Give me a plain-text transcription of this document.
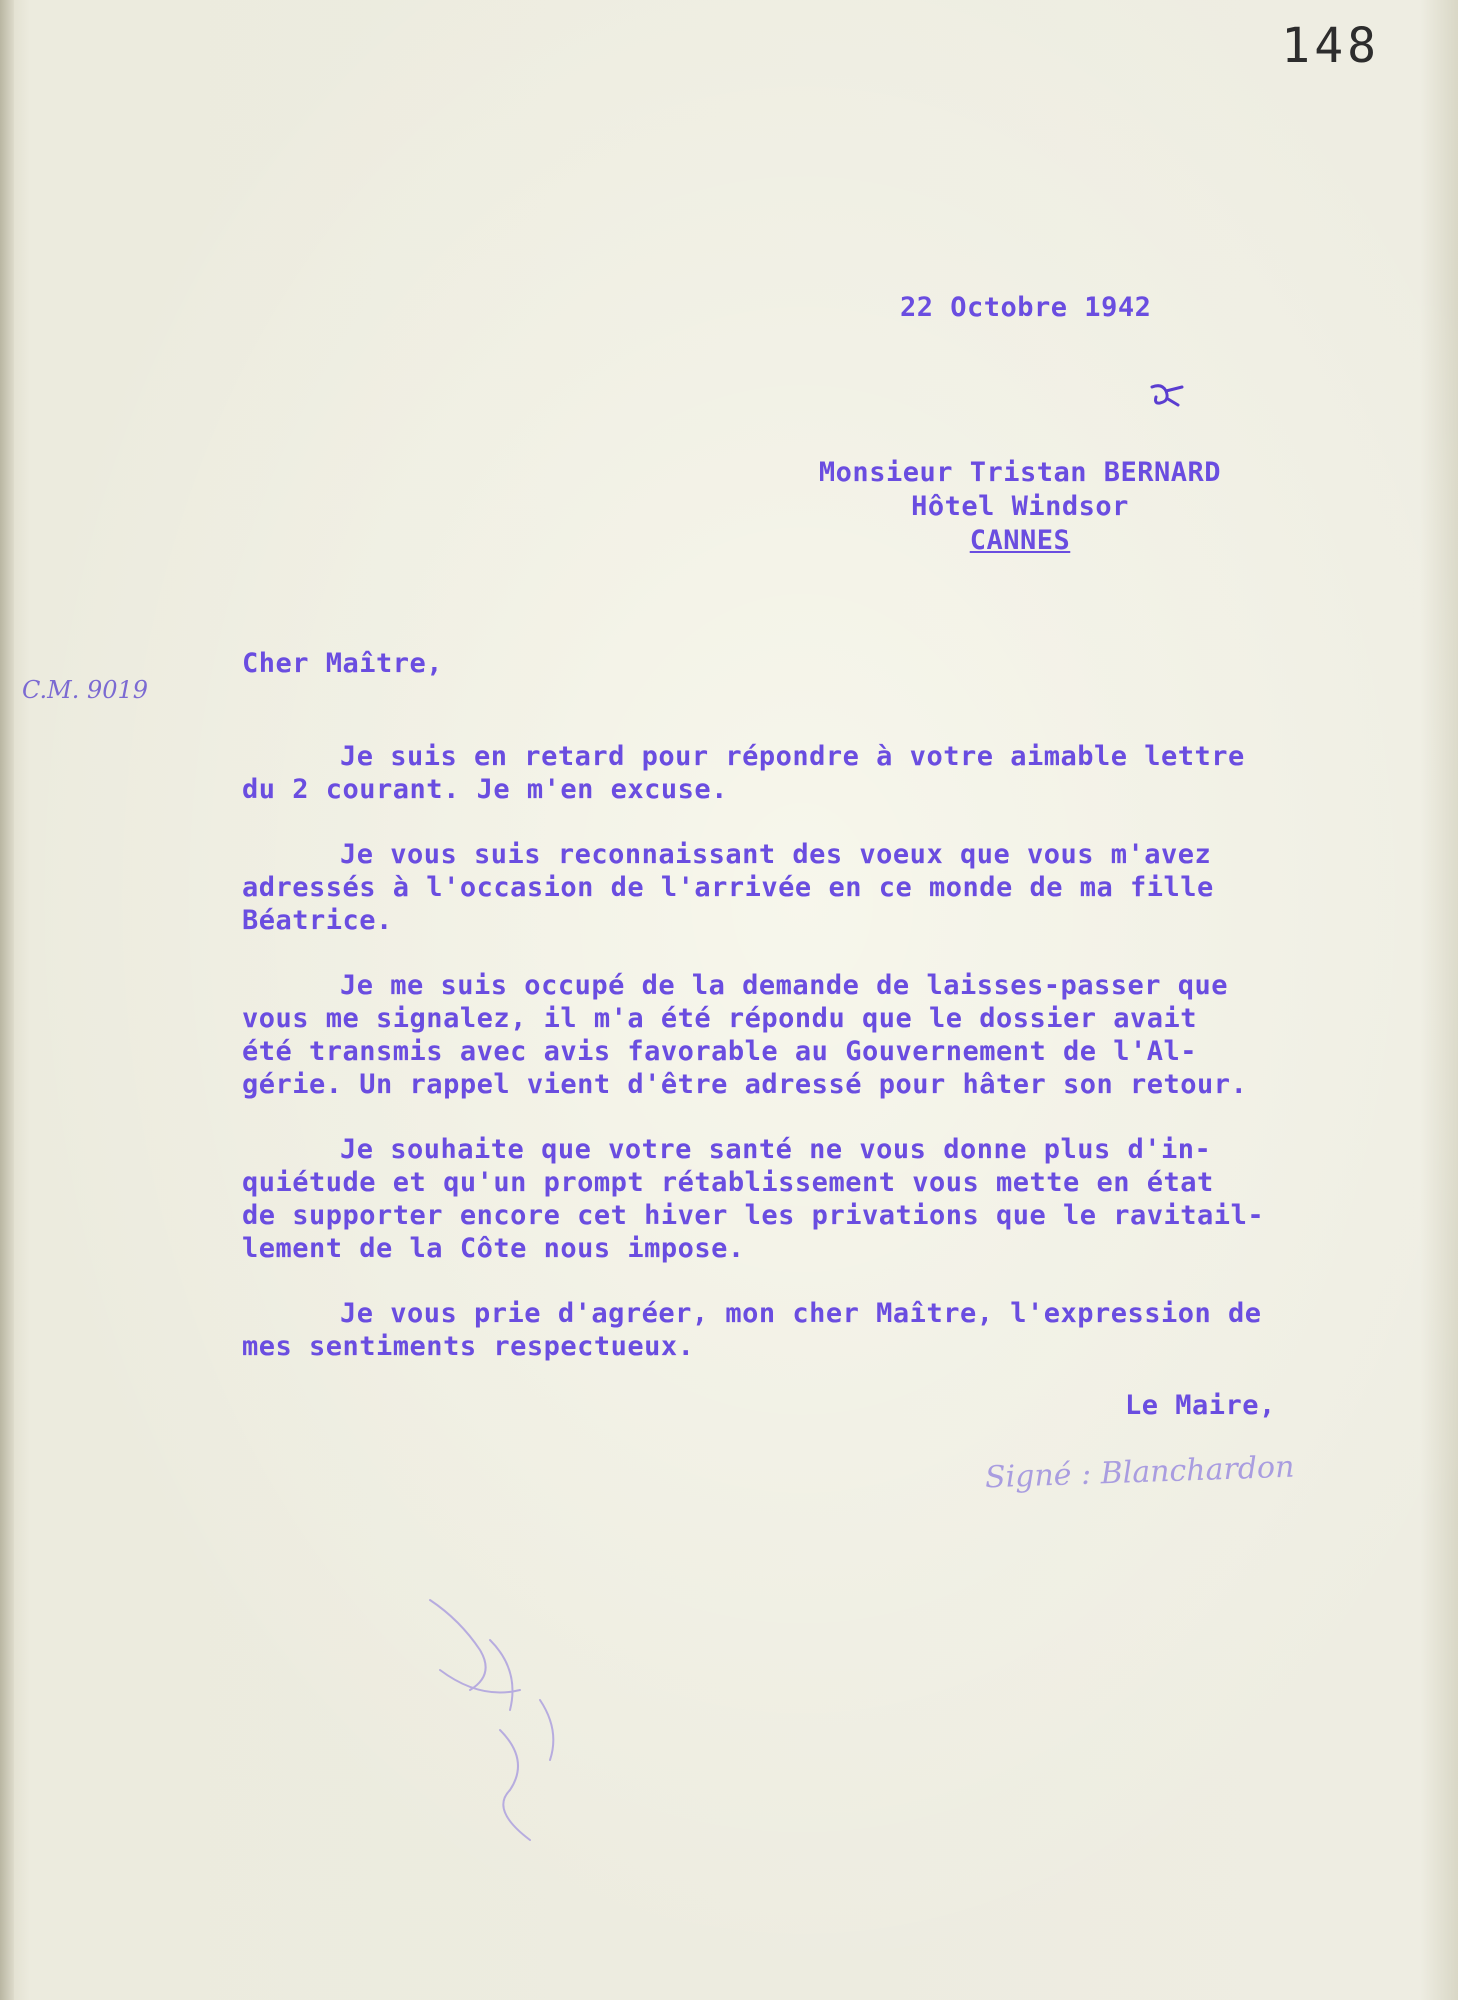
148
22 Octobre 1942
Monsieur Tristan BERNARD
Hôtel Windsor
CANNES
C.M. 9019
Cher Maître,

Je suis en retard pour répondre à votre aimable lettre
du 2 courant. Je m'en excuse.

Je vous suis reconnaissant des voeux que vous m'avez
adressés à l'occasion de l'arrivée en ce monde de ma fille
Béatrice.

Je me suis occupé de la demande de laisses-passer que
vous me signalez, il m'a été répondu que le dossier avait
été transmis avec avis favorable au Gouvernement de l'Al-
gérie. Un rappel vient d'être adressé pour hâter son retour.

Je souhaite que votre santé ne vous donne plus d'in-
quiétude et qu'un prompt rétablissement vous mette en état
de supporter encore cet hiver les privations que le ravitail-
lement de la Côte nous impose.

Je vous prie d'agréer, mon cher Maître, l'expression de
mes sentiments respectueux.

Le Maire,
Signé : Blanchardon
